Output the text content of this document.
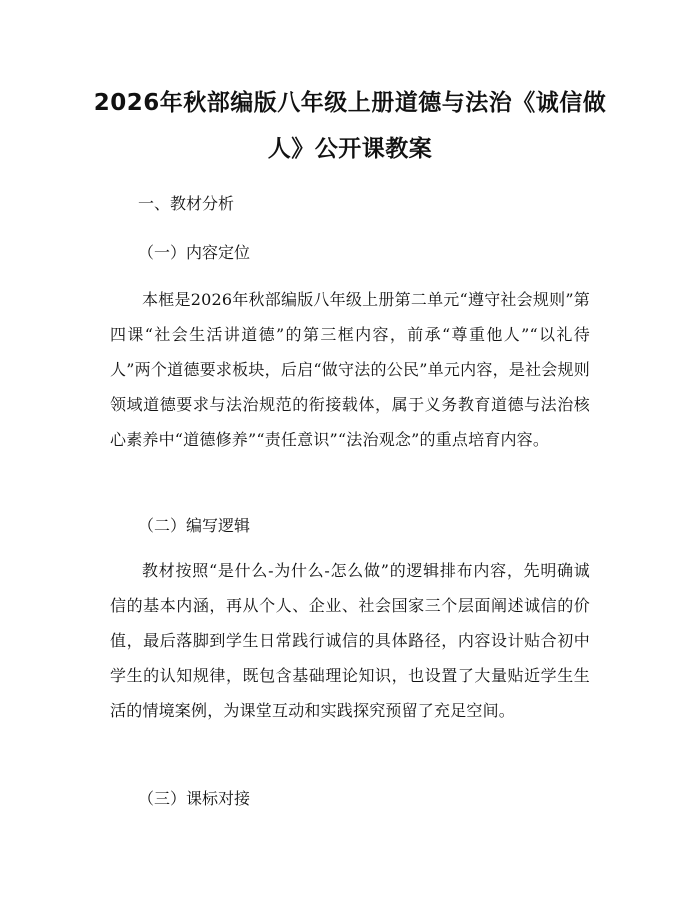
2026年秋部编版八年级上册道德与法治《诚信做人》公开课教案
一、教材分析
（一）内容定位
本框是2026年秋部编版八年级上册第二单元“遵守社会规则”第四课“社会生活讲道德”的第三框内容，前承“尊重他人”“以礼待人”两个道德要求板块，后启“做守法的公民”单元内容，是社会规则领域道德要求与法治规范的衔接载体，属于义务教育道德与法治核心素养中“道德修养”“责任意识”“法治观念”的重点培育内容。
（二）编写逻辑
教材按照“是什么-为什么-怎么做”的逻辑排布内容，先明确诚信的基本内涵，再从个人、企业、社会国家三个层面阐述诚信的价值，最后落脚到学生日常践行诚信的具体路径，内容设计贴合初中学生的认知规律，既包含基础理论知识，也设置了大量贴近学生生活的情境案例，为课堂互动和实践探究预留了充足空间。
（三）课标对接
